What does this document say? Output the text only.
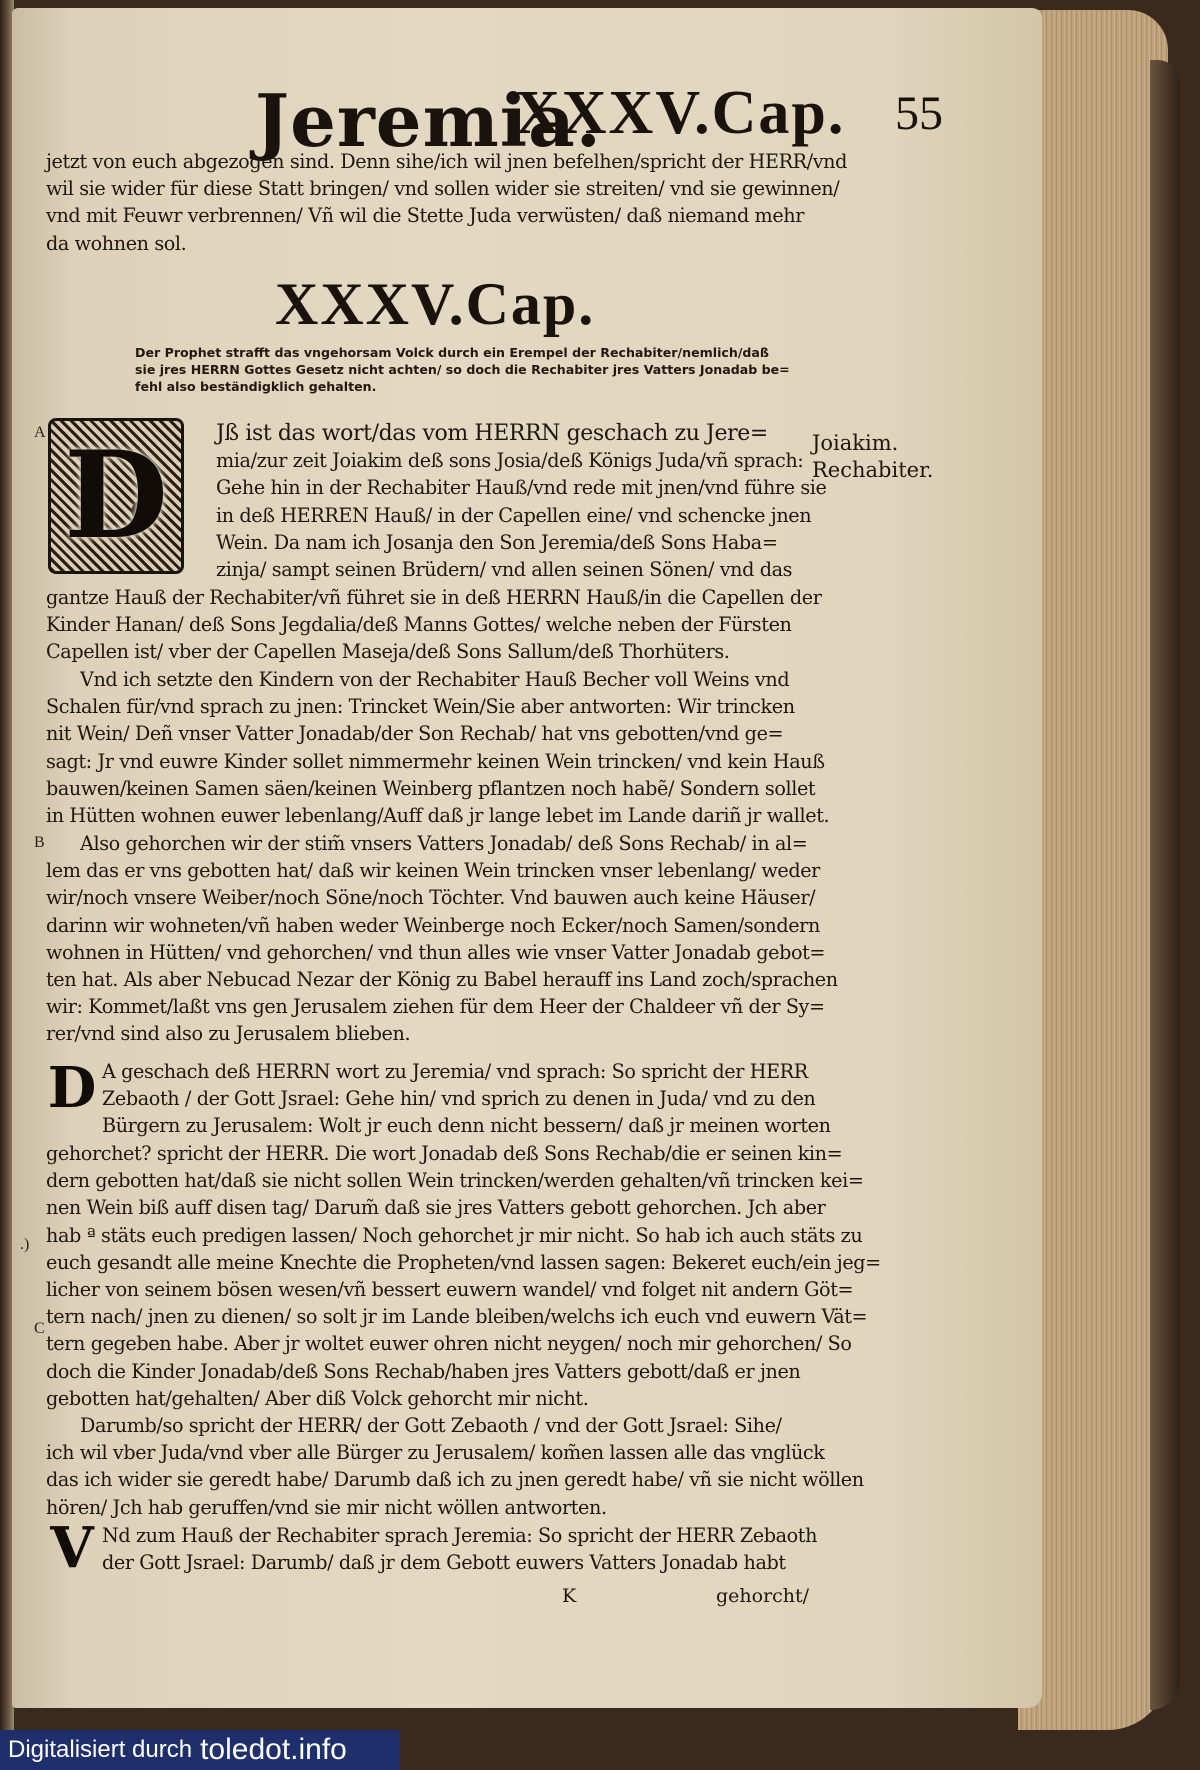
Jeremia.
XXXV.Cap. 55
jetzt von euch abgezogen sind. Denn sihe/ich wil jnen befelhen/spricht der HERR/vnd
wil sie wider für diese Statt bringen/ vnd sollen wider sie streiten/ vnd sie gewinnen/
vnd mit Feuwr verbrennen/ Vñ wil die Stette Juda verwüsten/ daß niemand mehr
da wohnen sol.
XXXV.Cap.
Der Prophet strafft das vngehorsam Volck durch ein Erempel der Rechabiter/nemlich/daß
sie jres HERRN Gottes Gesetz nicht achten/ so doch die Rechabiter jres Vatters Jonadab be=
fehl also beständigklich gehalten.
D	Jß ist das wort/das vom HERRN geschach zu Jere=
mia/zur zeit Joiakim deß sons Josia/deß Königs Juda/vñ sprach:
Gehe hin in der Rechabiter Hauß/vnd rede mit jnen/vnd führe sie
in deß HERREN Hauß/ in der Capellen eine/ vnd schencke jnen
Wein. Da nam ich Josanja den Son Jeremia/deß Sons Haba=
zinja/ sampt seinen Brüdern/ vnd allen seinen Sönen/ vnd das
gantze Hauß der Rechabiter/vñ führet sie in deß HERRN Hauß/in die Capellen der
Kinder Hanan/ deß Sons Jegdalia/deß Manns Gottes/ welche neben der Fürsten
Capellen ist/ vber der Capellen Maseja/deß Sons Sallum/deß Thorhüters.
Vnd ich setzte den Kindern von der Rechabiter Hauß Becher voll Weins vnd
Schalen für/vnd sprach zu jnen: Trincket Wein/Sie aber antworten: Wir trincken
nit Wein/ Deñ vnser Vatter Jonadab/der Son Rechab/ hat vns gebotten/vnd ge=
sagt: Jr vnd euwre Kinder sollet nimmermehr keinen Wein trincken/ vnd kein Hauß
bauwen/keinen Samen säen/keinen Weinberg pflantzen noch habẽ/ Sondern sollet
in Hütten wohnen euwer lebenlang/Auff daß jr lange lebet im Lande dariñ jr wallet.
Also gehorchen wir der stim̃ vnsers Vatters Jonadab/ deß Sons Rechab/ in al=
lem das er vns gebotten hat/ daß wir keinen Wein trincken vnser lebenlang/ weder
wir/noch vnsere Weiber/noch Söne/noch Töchter. Vnd bauwen auch keine Häuser/
darinn wir wohneten/vñ haben weder Weinberge noch Ecker/noch Samen/sondern
wohnen in Hütten/ vnd gehorchen/ vnd thun alles wie vnser Vatter Jonadab gebot=
ten hat. Als aber Nebucad Nezar der König zu Babel herauff ins Land zoch/sprachen
wir: Kommet/laßt vns gen Jerusalem ziehen für dem Heer der Chaldeer vñ der Sy=
rer/vnd sind also zu Jerusalem blieben.
D A geschach deß HERRN wort zu Jeremia/ vnd sprach: So spricht der HERR
Zebaoth / der Gott Jsrael: Gehe hin/ vnd sprich zu denen in Juda/ vnd zu den
Bürgern zu Jerusalem: Wolt jr euch denn nicht bessern/ daß jr meinen worten
gehorchet? spricht der HERR. Die wort Jonadab deß Sons Rechab/die er seinen kin=
dern gebotten hat/daß sie nicht sollen Wein trincken/werden gehalten/vñ trincken kei=
nen Wein biß auff disen tag/ Darum̃ daß sie jres Vatters gebott gehorchen. Jch aber
hab ª stäts euch predigen lassen/ Noch gehorchet jr mir nicht. So hab ich auch stäts zu
euch gesandt alle meine Knechte die Propheten/vnd lassen sagen: Bekeret euch/ein jeg=
licher von seinem bösen wesen/vñ bessert euwern wandel/ vnd folget nit andern Göt=
tern nach/ jnen zu dienen/ so solt jr im Lande bleiben/welchs ich euch vnd euwern Vät=
tern gegeben habe. Aber jr woltet euwer ohren nicht neygen/ noch mir gehorchen/ So
doch die Kinder Jonadab/deß Sons Rechab/haben jres Vatters gebott/daß er jnen
gebotten hat/gehalten/ Aber diß Volck gehorcht mir nicht.
Darumb/so spricht der HERR/ der Gott Zebaoth / vnd der Gott Jsrael: Sihe/
ich wil vber Juda/vnd vber alle Bürger zu Jerusalem/ kom̃en lassen alle das vnglück
das ich wider sie geredt habe/ Darumb daß ich zu jnen geredt habe/ vñ sie nicht wöllen
hören/ Jch hab geruffen/vnd sie mir nicht wöllen antworten.
V Nd zum Hauß der Rechabiter sprach Jeremia: So spricht der HERR Zebaoth
der Gott Jsrael: Darumb/ daß jr dem Gebott euwers Vatters Jonadab habt
K	gehorcht/
A
B
.)
C
Joiakim.
Rechabiter.
Digitalisiert durch toledot.info
